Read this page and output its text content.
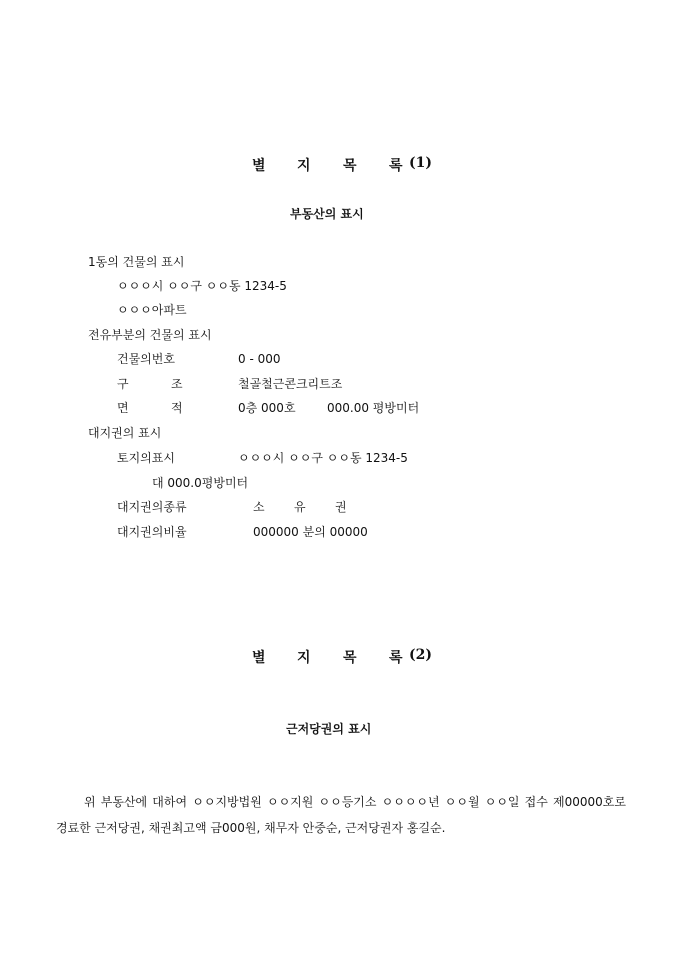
별 지 목 록 (1)
부동산의 표시
1동의 건물의 표시
ㅇㅇㅇ시 ㅇㅇ구 ㅇㅇ동 1234-5
ㅇㅇㅇ아파트
전유부분의 건물의 표시
건물의번호	0 - 000
구	조	철골철근콘크리트조
면	적	0층 000호	000.00 평방미터
대지권의 표시
토지의표시	ㅇㅇㅇ시 ㅇㅇ구 ㅇㅇ동 1234-5
대 000.0평방미터
대지권의종류	소 유 권
대지권의비율	000000 분의 00000
별 지 목 록 (2)
근저당권의 표시
위 부동산에 대하여 ㅇㅇ지방법원 ㅇㅇ지원 ㅇㅇ등기소 ㅇㅇㅇㅇ년 ㅇㅇ월 ㅇㅇ일 접수 제00000호로 경료한 근저당권, 채권최고액 금000원, 채무자 안중순, 근저당권자 홍길순.
